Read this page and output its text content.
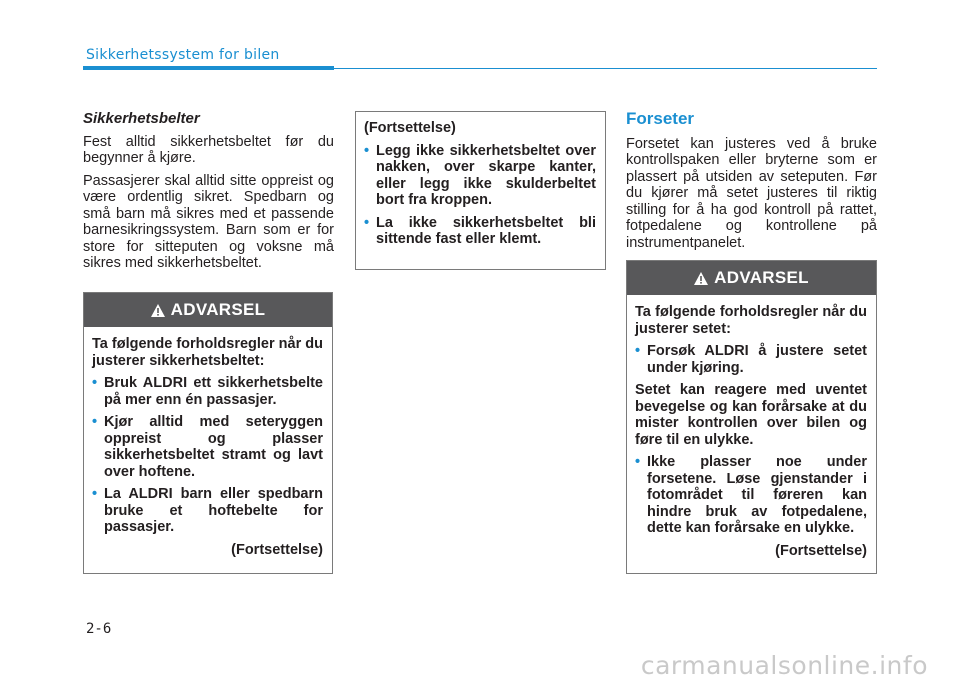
Sikkerhetssystem for bilen
Sikkerhetsbelter

Fest alltid sikkerhetsbeltet før du begynner å kjøre.

Passasjerer skal alltid sitte oppreist og være ordentlig sikret. Spedbarn og små barn må sikres med et passende barnesikringssystem. Barn som er for store for sitteputen og voksne må sikres med sikkerhetsbeltet.

ADVARSEL

Ta følgende forholdsregler når du justerer sikkerhetsbeltet:

• Bruk ALDRI ett sikkerhetsbelte på mer enn én passasjer.
• Kjør alltid med seteryggen oppreist og plasser sikkerhetsbeltet stramt og lavt over hoftene.
• La ALDRI barn eller spedbarn bruke et hoftebelte for passasjer.

(Fortsettelse)

(Fortsettelse)

• Legg ikke sikkerhetsbeltet over nakken, over skarpe kanter, eller legg ikke skulderbeltet bort fra kroppen.
• La ikke sikkerhetsbeltet bli sittende fast eller klemt.
Forseter

Forsetet kan justeres ved å bruke kontrollspaken eller bryterne som er plassert på utsiden av seteputen. Før du kjører må setet justeres til riktig stilling for å ha god kontroll på rattet, fotpedalene og kontrollene på instrumentpanelet.

ADVARSEL

Ta følgende forholdsregler når du justerer setet:

• Forsøk ALDRI å justere setet under kjøring.

Setet kan reagere med uventet bevegelse og kan forårsake at du mister kontrollen over bilen og føre til en ulykke.

• Ikke plasser noe under forsetene. Løse gjenstander i fotområdet til føreren kan hindre bruk av fotpedalene, dette kan forårsake en ulykke.

(Fortsettelse)

2-6
carmanualsonline.info
